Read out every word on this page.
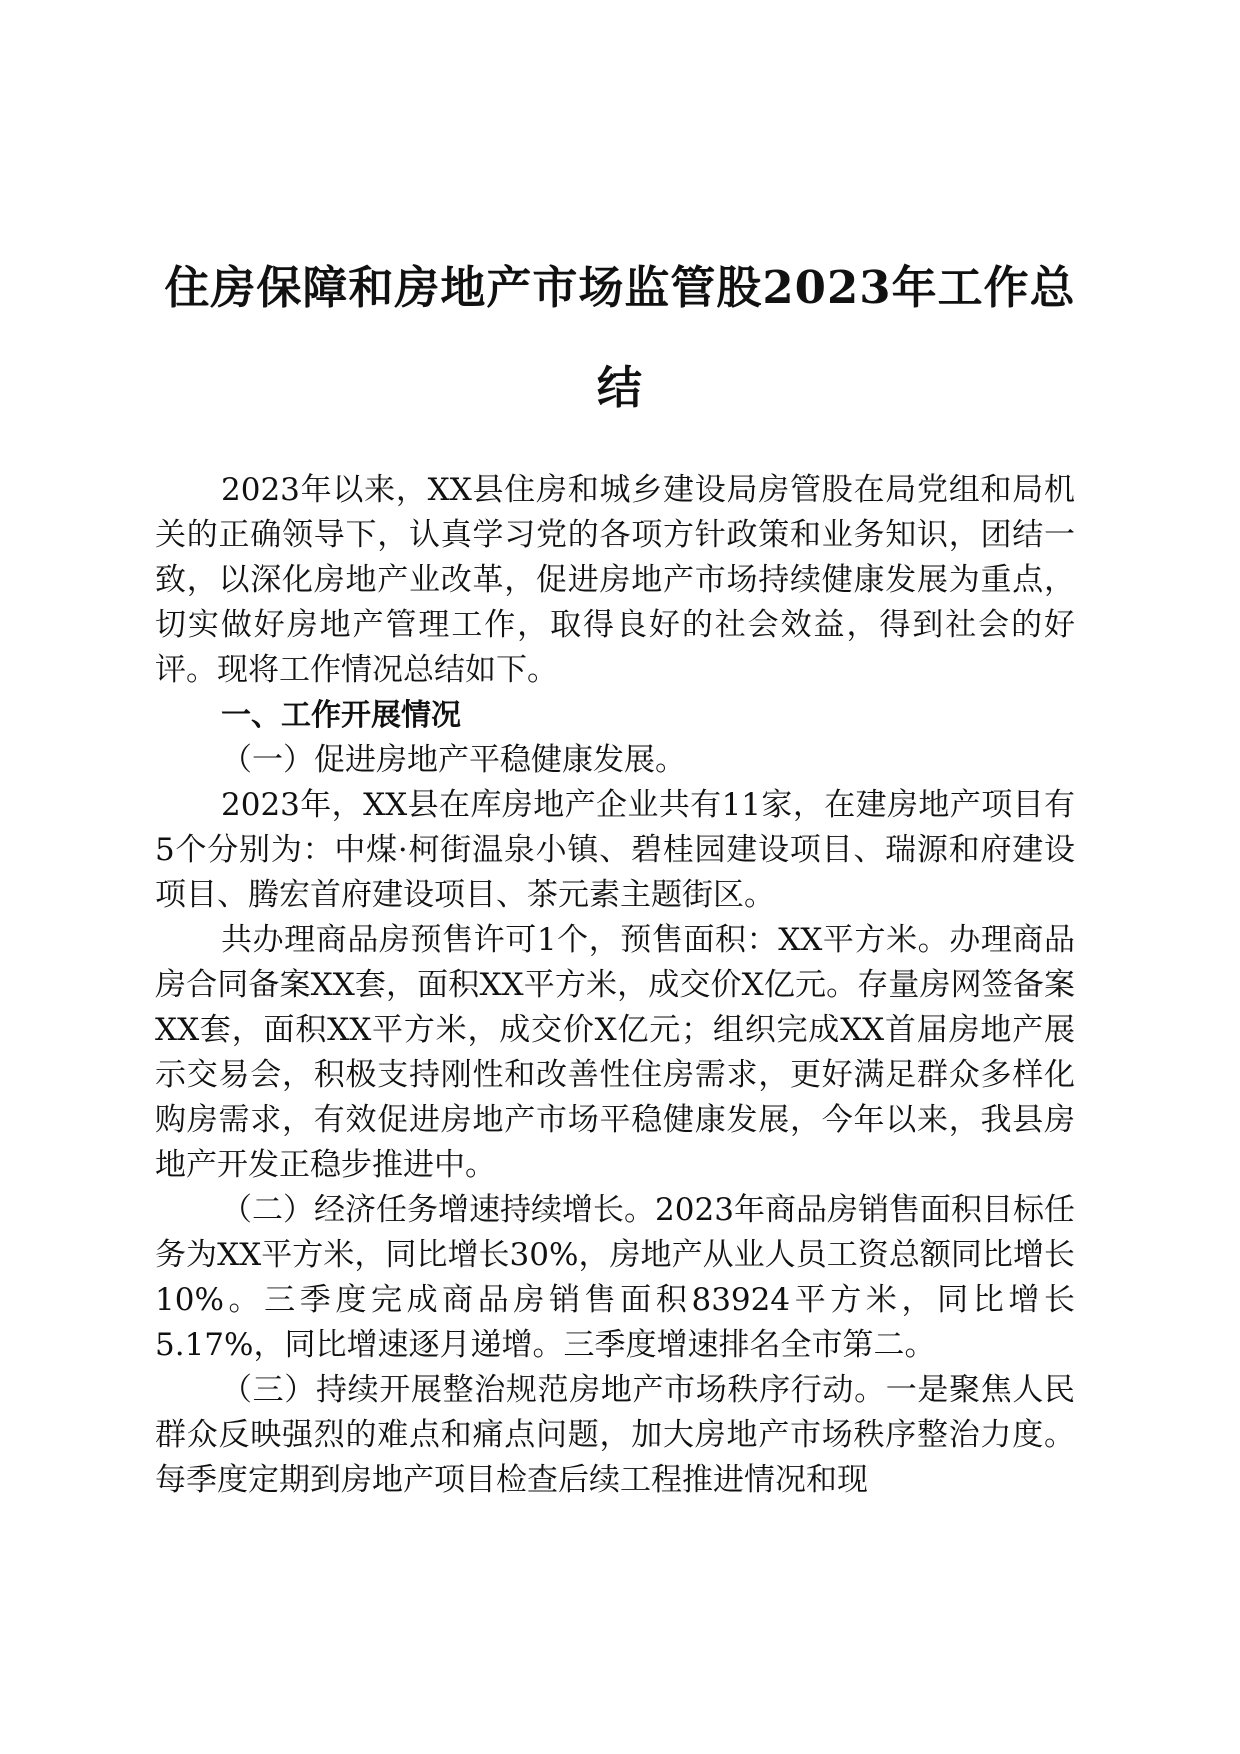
住房保障和房地产市场监管股2023年工作总结

2023年以来，XX县住房和城乡建设局房管股在局党组和局机关的正确领导下，认真学习党的各项方针政策和业务知识，团结一致，以深化房地产业改革，促进房地产市场持续健康发展为重点，切实做好房地产管理工作，取得良好的社会效益，得到社会的好评。现将工作情况总结如下。

一、工作开展情况

（一）促进房地产平稳健康发展。

2023年，XX县在库房地产企业共有11家，在建房地产项目有5个分别为：中煤·柯街温泉小镇、碧桂园建设项目、瑞源和府建设项目、腾宏首府建设项目、茶元素主题街区。

共办理商品房预售许可1个，预售面积：XX平方米。办理商品房合同备案XX套，面积XX平方米，成交价X亿元。存量房网签备案XX套，面积XX平方米，成交价X亿元；组织完成XX首届房地产展示交易会，积极支持刚性和改善性住房需求，更好满足群众多样化购房需求，有效促进房地产市场平稳健康发展，今年以来，我县房地产开发正稳步推进中。

（二）经济任务增速持续增长。2023年商品房销售面积目标任务为XX平方米，同比增长30%，房地产从业人员工资总额同比增长10%。三季度完成商品房销售面积83924平方米，同比增长5.17%，同比增速逐月递增。三季度增速排名全市第二。

（三）持续开展整治规范房地产市场秩序行动。一是聚焦人民群众反映强烈的难点和痛点问题，加大房地产市场秩序整治力度。每季度定期到房地产项目检查后续工程推进情况和现
